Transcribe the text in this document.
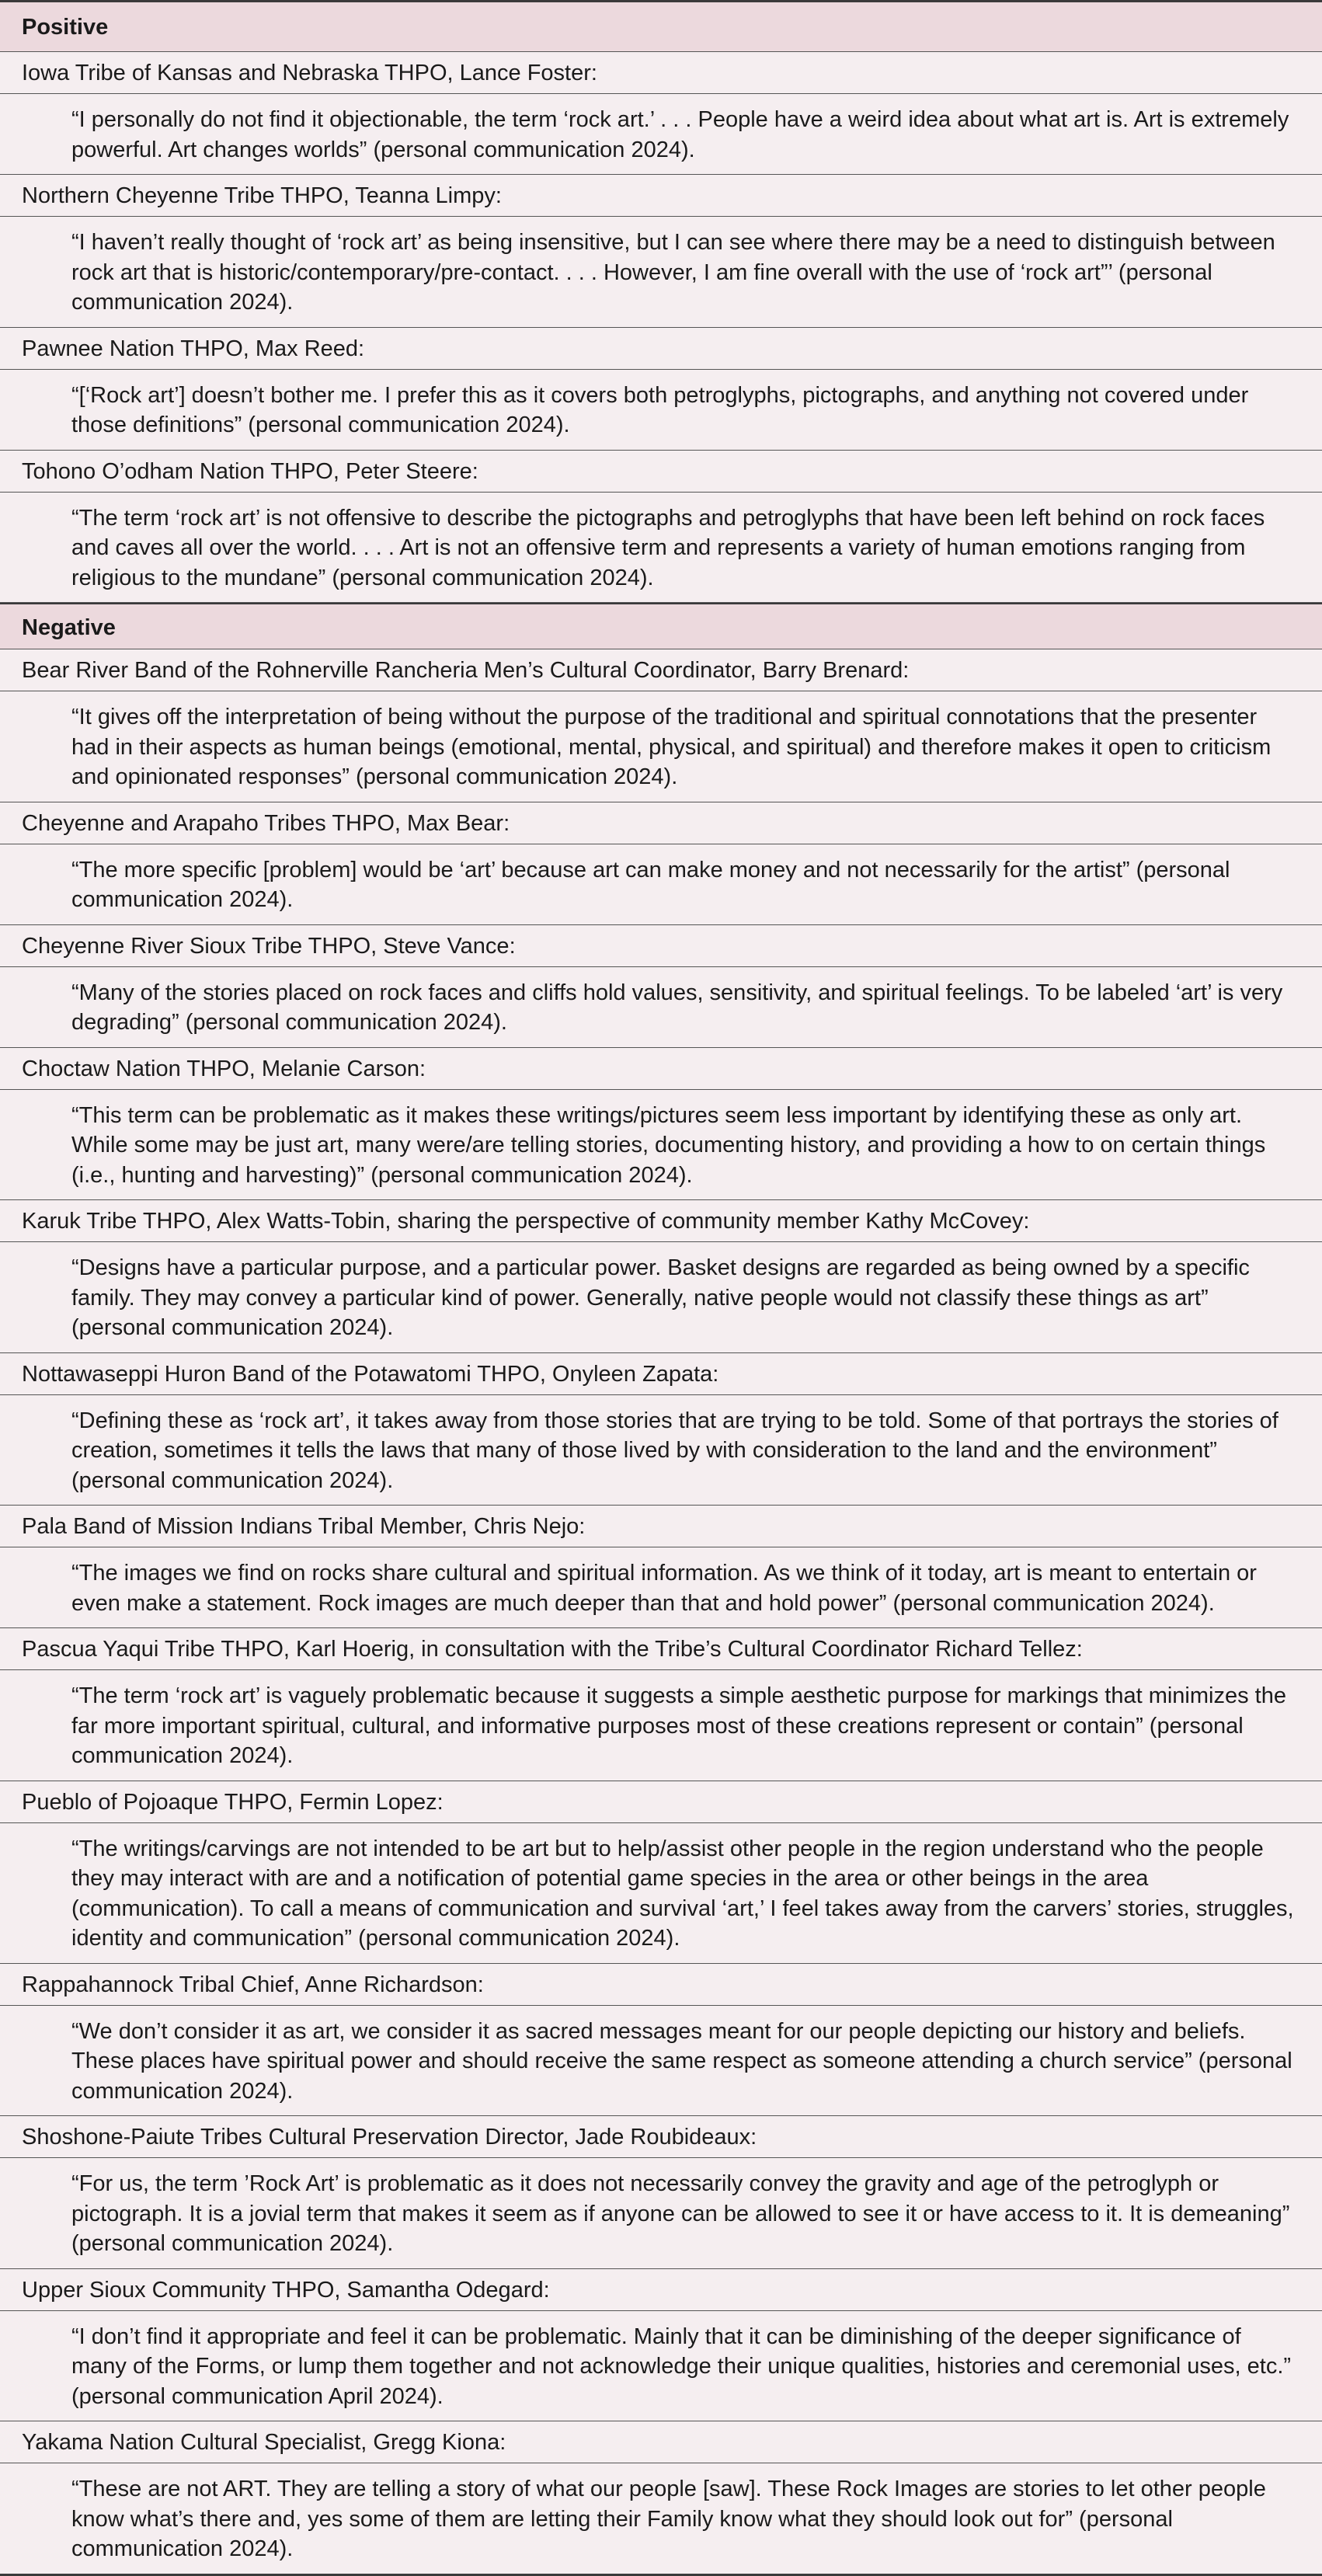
Positive
Iowa Tribe of Kansas and Nebraska THPO, Lance Foster:
“I personally do not find it objectionable, the term ‘rock art.’ . . . People have a weird idea about what art is. Art is extremely powerful. Art changes worlds” (personal communication 2024).
Northern Cheyenne Tribe THPO, Teanna Limpy:
“I haven’t really thought of ‘rock art’ as being insensitive, but I can see where there may be a need to distinguish between rock art that is historic/contemporary/pre-contact. . . . However, I am fine overall with the use of ‘rock art”’ (personal communication 2024).
Pawnee Nation THPO, Max Reed:
“[‘Rock art’] doesn’t bother me. I prefer this as it covers both petroglyphs, pictographs, and anything not covered under those definitions” (personal communication 2024).
Tohono O’odham Nation THPO, Peter Steere:
“The term ‘rock art’ is not offensive to describe the pictographs and petroglyphs that have been left behind on rock faces and caves all over the world. . . . Art is not an offensive term and represents a variety of human emotions ranging from religious to the mundane” (personal communication 2024).
Negative
Bear River Band of the Rohnerville Rancheria Men’s Cultural Coordinator, Barry Brenard:
“It gives off the interpretation of being without the purpose of the traditional and spiritual connotations that the presenter had in their aspects as human beings (emotional, mental, physical, and spiritual) and therefore makes it open to criticism and opinionated responses” (personal communication 2024).
Cheyenne and Arapaho Tribes THPO, Max Bear:
“The more specific [problem] would be ‘art’ because art can make money and not necessarily for the artist” (personal communication 2024).
Cheyenne River Sioux Tribe THPO, Steve Vance:
“Many of the stories placed on rock faces and cliffs hold values, sensitivity, and spiritual feelings. To be labeled ‘art’ is very degrading” (personal communication 2024).
Choctaw Nation THPO, Melanie Carson:
“This term can be problematic as it makes these writings/pictures seem less important by identifying these as only art. While some may be just art, many were/are telling stories, documenting history, and providing a how to on certain things (i.e., hunting and harvesting)” (personal communication 2024).
Karuk Tribe THPO, Alex Watts-Tobin, sharing the perspective of community member Kathy McCovey:
“Designs have a particular purpose, and a particular power. Basket designs are regarded as being owned by a specific family. They may convey a particular kind of power. Generally, native people would not classify these things as art” (personal communication 2024).
Nottawaseppi Huron Band of the Potawatomi THPO, Onyleen Zapata:
“Defining these as ‘rock art’, it takes away from those stories that are trying to be told. Some of that portrays the stories of creation, sometimes it tells the laws that many of those lived by with consideration to the land and the environment” (personal communication 2024).
Pala Band of Mission Indians Tribal Member, Chris Nejo:
“The images we find on rocks share cultural and spiritual information. As we think of it today, art is meant to entertain or even make a statement. Rock images are much deeper than that and hold power” (personal communication 2024).
Pascua Yaqui Tribe THPO, Karl Hoerig, in consultation with the Tribe’s Cultural Coordinator Richard Tellez:
“The term ‘rock art’ is vaguely problematic because it suggests a simple aesthetic purpose for markings that minimizes the far more important spiritual, cultural, and informative purposes most of these creations represent or contain” (personal communication 2024).
Pueblo of Pojoaque THPO, Fermin Lopez:
“The writings/carvings are not intended to be art but to help/assist other people in the region understand who the people they may interact with are and a notification of potential game species in the area or other beings in the area (communication). To call a means of communication and survival ‘art,’ I feel takes away from the carvers’ stories, struggles, identity and communication” (personal communication 2024).
Rappahannock Tribal Chief, Anne Richardson:
“We don’t consider it as art, we consider it as sacred messages meant for our people depicting our history and beliefs. These places have spiritual power and should receive the same respect as someone attending a church service” (personal communication 2024).
Shoshone-Paiute Tribes Cultural Preservation Director, Jade Roubideaux:
“For us, the term ’Rock Art’ is problematic as it does not necessarily convey the gravity and age of the petroglyph or pictograph. It is a jovial term that makes it seem as if anyone can be allowed to see it or have access to it. It is demeaning” (personal communication 2024).
Upper Sioux Community THPO, Samantha Odegard:
“I don’t find it appropriate and feel it can be problematic. Mainly that it can be diminishing of the deeper significance of many of the Forms, or lump them together and not acknowledge their unique qualities, histories and ceremonial uses, etc.” (personal communication April 2024).
Yakama Nation Cultural Specialist, Gregg Kiona:
“These are not ART. They are telling a story of what our people [saw]. These Rock Images are stories to let other people know what’s there and, yes some of them are letting their Family know what they should look out for” (personal communication 2024).
